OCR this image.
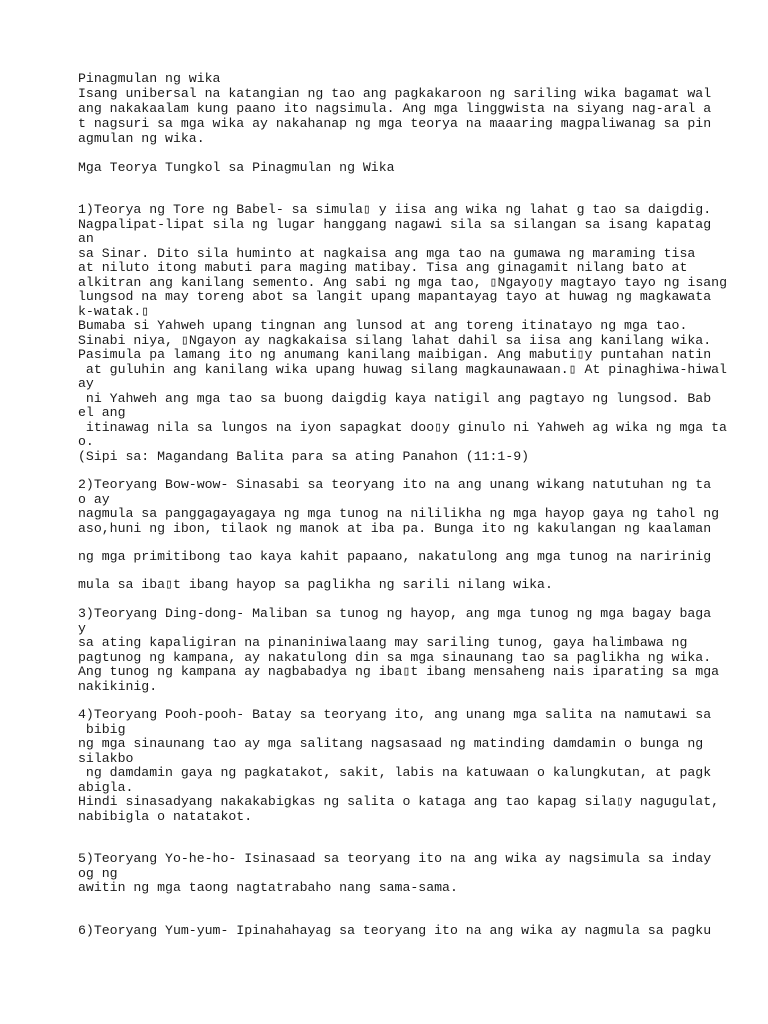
Pinagmulan ng wika

Isang unibersal na katangian ng tao ang pagkakaroon ng sariling wika bagamat wal

ang nakakaalam kung paano ito nagsimula. Ang mga linggwista na siyang nag-aral a

t nagsuri sa mga wika ay nakahanap ng mga teorya na maaaring magpaliwanag sa pin

agmulan ng wika.

Mga Teorya Tungkol sa Pinagmulan ng Wika

1)Teorya ng Tore ng Babel- sa simula▯ y iisa ang wika ng lahat g tao sa daigdig.

Nagpalipat-lipat sila ng lugar hanggang nagawi sila sa silangan sa isang kapatag

an

sa Sinar. Dito sila huminto at nagkaisa ang mga tao na gumawa ng maraming tisa

at niluto itong mabuti para maging matibay. Tisa ang ginagamit nilang bato at

alkitran ang kanilang semento. Ang sabi ng mga tao, ▯Ngayo▯y magtayo tayo ng isang

lungsod na may toreng abot sa langit upang mapantayag tayo at huwag ng magkawata

k-watak.▯

Bumaba si Yahweh upang tingnan ang lunsod at ang toreng itinatayo ng mga tao.

Sinabi niya, ▯Ngayon ay nagkakaisa silang lahat dahil sa iisa ang kanilang wika.

Pasimula pa lamang ito ng anumang kanilang maibigan. Ang mabuti▯y puntahan natin

at guluhin ang kanilang wika upang huwag silang magkaunawaan.▯ At pinaghiwa-hiwal

ay

ni Yahweh ang mga tao sa buong daigdig kaya natigil ang pagtayo ng lungsod. Bab

el ang

itinawag nila sa lungos na iyon sapagkat doo▯y ginulo ni Yahweh ag wika ng mga ta

o.

(Sipi sa: Magandang Balita para sa ating Panahon (11:1-9)

2)Teoryang Bow-wow- Sinasabi sa teoryang ito na ang unang wikang natutuhan ng ta

o ay

nagmula sa panggagayagaya ng mga tunog na nililikha ng mga hayop gaya ng tahol ng

aso,huni ng ibon, tilaok ng manok at iba pa. Bunga ito ng kakulangan ng kaalaman

ng mga primitibong tao kaya kahit papaano, nakatulong ang mga tunog na naririnig

mula sa iba▯t ibang hayop sa paglikha ng sarili nilang wika.

3)Teoryang Ding-dong- Maliban sa tunog ng hayop, ang mga tunog ng mga bagay baga

y

sa ating kapaligiran na pinaniniwalaang may sariling tunog, gaya halimbawa ng

pagtunog ng kampana, ay nakatulong din sa mga sinaunang tao sa paglikha ng wika.

Ang tunog ng kampana ay nagbabadya ng iba▯t ibang mensaheng nais iparating sa mga

nakikinig.

4)Teoryang Pooh-pooh- Batay sa teoryang ito, ang unang mga salita na namutawi sa

bibig

ng mga sinaunang tao ay mga salitang nagsasaad ng matinding damdamin o bunga ng

silakbo

ng damdamin gaya ng pagkatakot, sakit, labis na katuwaan o kalungkutan, at pagk

abigla.

Hindi sinasadyang nakakabigkas ng salita o kataga ang tao kapag sila▯y nagugulat,

nabibigla o natatakot.

5)Teoryang Yo-he-ho- Isinasaad sa teoryang ito na ang wika ay nagsimula sa inday

og ng

awitin ng mga taong nagtatrabaho nang sama-sama.

6)Teoryang Yum-yum- Ipinahahayag sa teoryang ito na ang wika ay nagmula sa pagku
